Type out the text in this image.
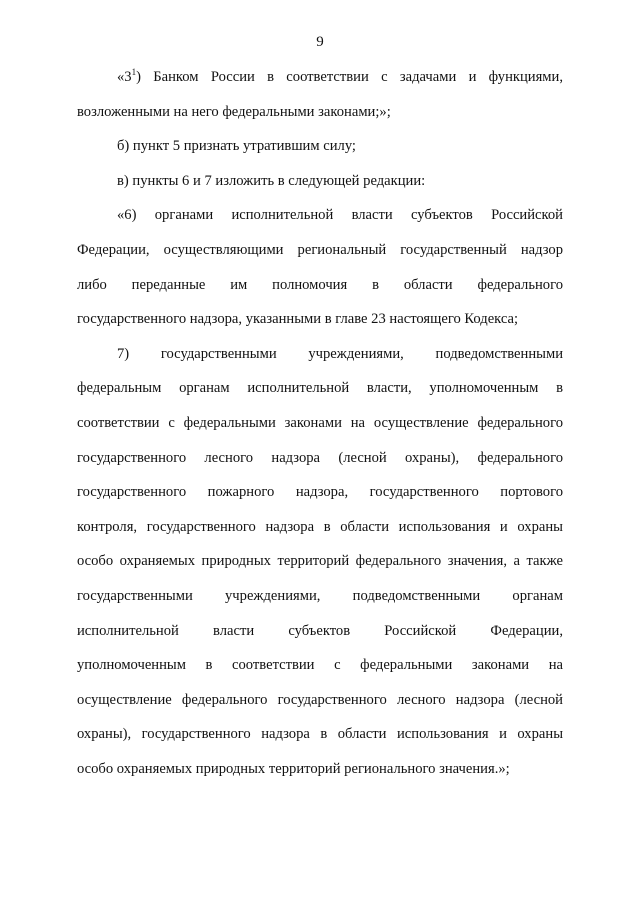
9
«$3^1$) Банком России в соответствии с задачами и функциями,
возложенными на него федеральными законами;»;
б) пункт 5 признать утратившим силу;
в) пункты 6 и 7 изложить в следующей редакции:
«6) органами исполнительной власти субъектов Российской
Федерации, осуществляющими региональный государственный надзор
либо переданные им полномочия в области федерального
государственного надзора, указанными в главе 23 настоящего Кодекса;
7) государственными учреждениями, подведомственными
федеральным органам исполнительной власти, уполномоченным в
соответствии с федеральными законами на осуществление федерального
государственного лесного надзора (лесной охраны), федерального
государственного пожарного надзора, государственного портового
контроля, государственного надзора в области использования и охраны
особо охраняемых природных территорий федерального значения, а также
государственными учреждениями, подведомственными органам
исполнительной власти субъектов Российской Федерации,
уполномоченным в соответствии с федеральными законами на
осуществление федерального государственного лесного надзора (лесной
охраны), государственного надзора в области использования и охраны
особо охраняемых природных территорий регионального значения.»;
